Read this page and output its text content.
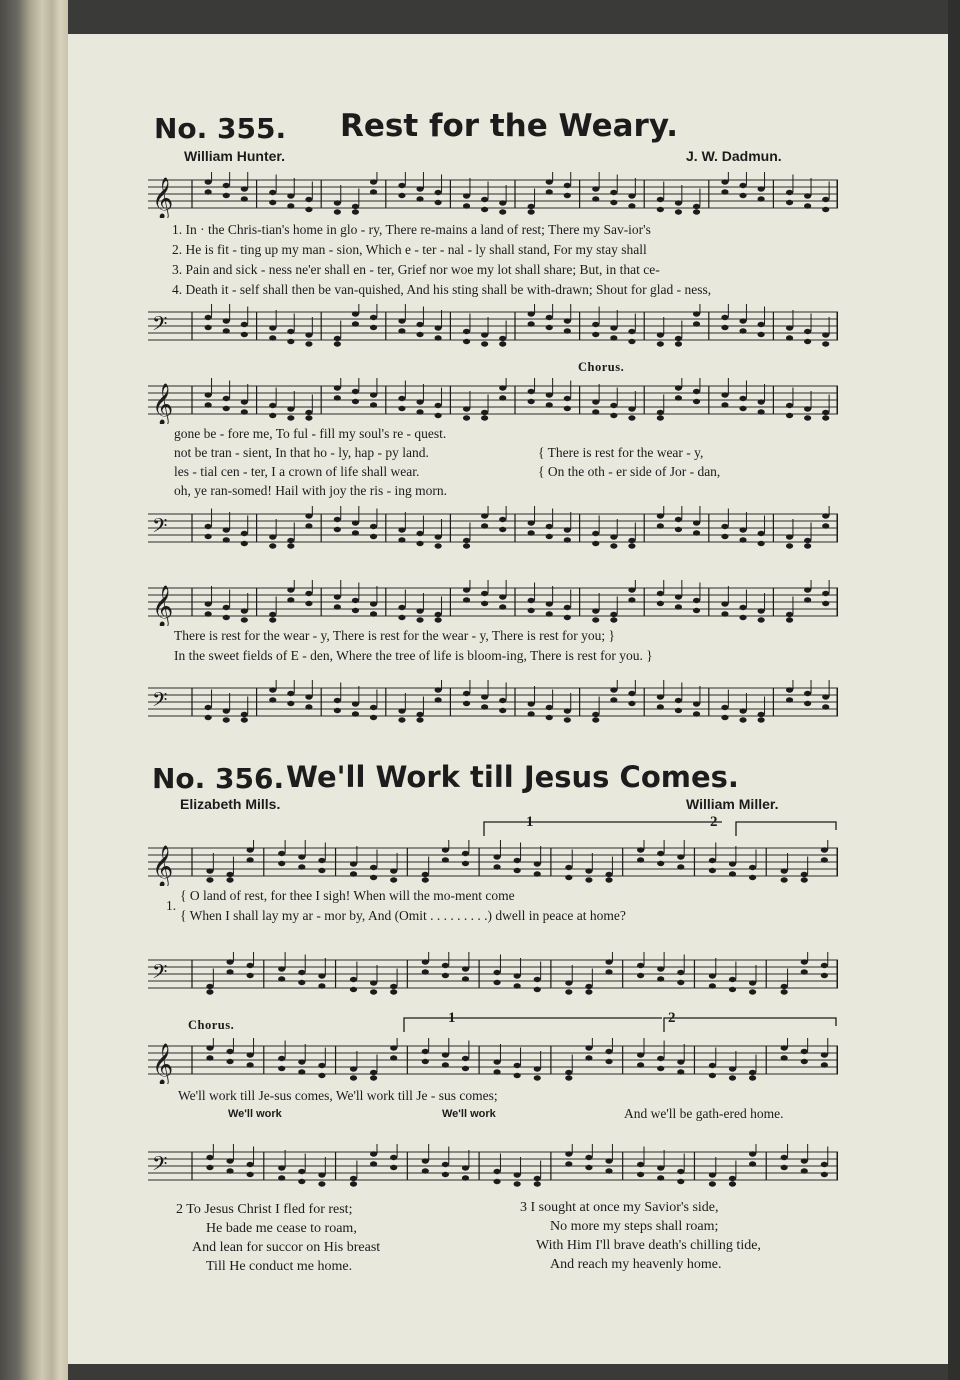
No. 355. Rest for the Weary.
William Hunter.	J. W. Dadmun.
𝄞
1. In · the Chris-tian's home in glo - ry, There re-mains a land of rest; There my Sav-ior's
2. He is fit - ting up my man - sion, Which e - ter - nal - ly shall stand, For my stay shall
3. Pain and sick - ness ne'er shall en - ter, Grief nor woe my lot shall share; But, in that ce-
4. Death it - self shall then be van-quished, And his sting shall be with-drawn; Shout for glad - ness,
𝄢
Chorus.
𝄞
gone be - fore me, To ful - fill my soul's re - quest.
not be tran - sient, In that ho - ly, hap - py land.
les - tial cen - ter, I a crown of life shall wear.
oh, ye ran-somed! Hail with joy the ris - ing morn.
{ There is rest for the wear - y,
{ On the oth - er side of Jor - dan,
𝄢
𝄞
There is rest for the wear - y, There is rest for the wear - y, There is rest for you; }
In the sweet fields of E - den, Where the tree of life is bloom-ing, There is rest for you. }
𝄢
No. 356. We'll Work till Jesus Comes.
Elizabeth Mills.	William Miller.
1	2
𝄞
1.
{ O land of rest, for thee I sigh! When will the mo-ment come
{ When I shall lay my ar - mor by, And (Omit . . . . . . . . .) dwell in peace at home?
𝄢
Chorus.	1	2
𝄞
We'll work till Je-sus comes, We'll work till Je - sus comes;
We'll work	We'll work	And we'll be gath-ered home.
𝄢
2 To Jesus Christ I fled for rest;
He bade me cease to roam,
And lean for succor on His breast
Till He conduct me home.
3 I sought at once my Savior's side,
No more my steps shall roam;
With Him I'll brave death's chilling tide,
And reach my heavenly home.
